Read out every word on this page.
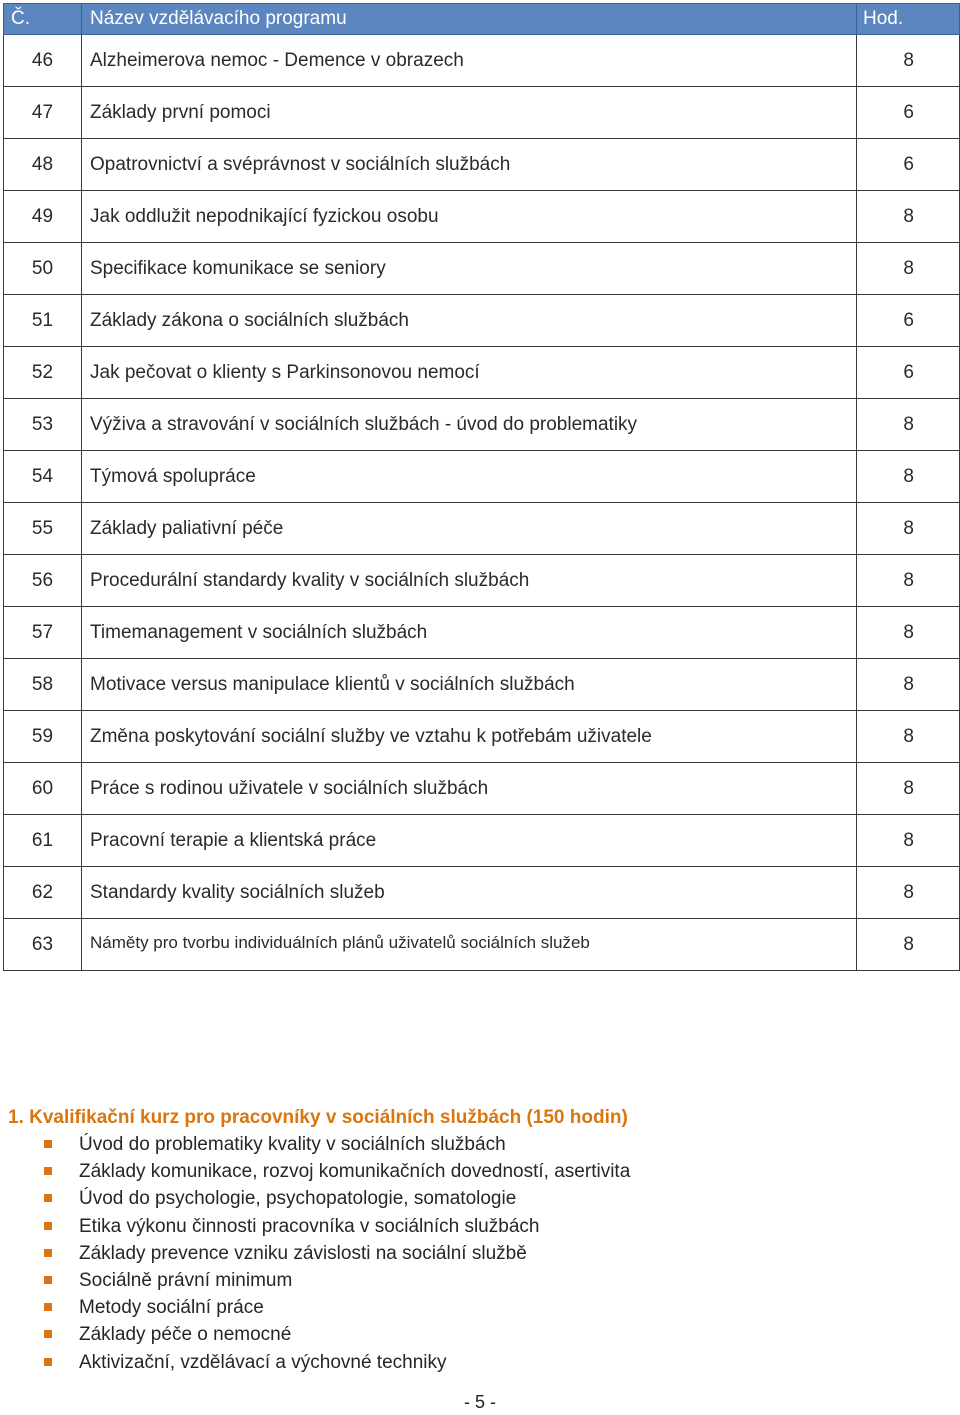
Č.	Název vzdělávacího programu	Hod.
46	Alzheimerova nemoc - Demence v obrazech	8
47	Základy první pomoci	6
48	Opatrovnictví a svéprávnost v sociálních službách	6
49	Jak oddlužit nepodnikající fyzickou osobu	8
50	Specifikace komunikace se seniory	8
51	Základy zákona o sociálních službách	6
52	Jak pečovat o klienty s Parkinsonovou nemocí	6
53	Výživa a stravování v sociálních službách - úvod do problematiky	8
54	Týmová spolupráce	8
55	Základy paliativní péče	8
56	Procedurální standardy kvality v sociálních službách	8
57	Timemanagement v sociálních službách	8
58	Motivace versus manipulace klientů v sociálních službách	8
59	Změna poskytování sociální služby ve vztahu k potřebám uživatele	8
60	Práce s rodinou uživatele v sociálních službách	8
61	Pracovní terapie a klientská práce	8
62	Standardy kvality sociálních služeb	8
63	Náměty pro tvorbu individuálních plánů uživatelů sociálních služeb	8
1. Kvalifikační kurz pro pracovníky v sociálních službách (150 hodin)
Úvod do problematiky kvality v sociálních službách
Základy komunikace, rozvoj komunikačních dovedností, asertivita
Úvod do psychologie, psychopatologie, somatologie
Etika výkonu činnosti pracovníka v sociálních službách
Základy prevence vzniku závislosti na sociální službě
Sociálně právní minimum
Metody sociální práce
Základy péče o nemocné
Aktivizační, vzdělávací a výchovné techniky
- 5 -
